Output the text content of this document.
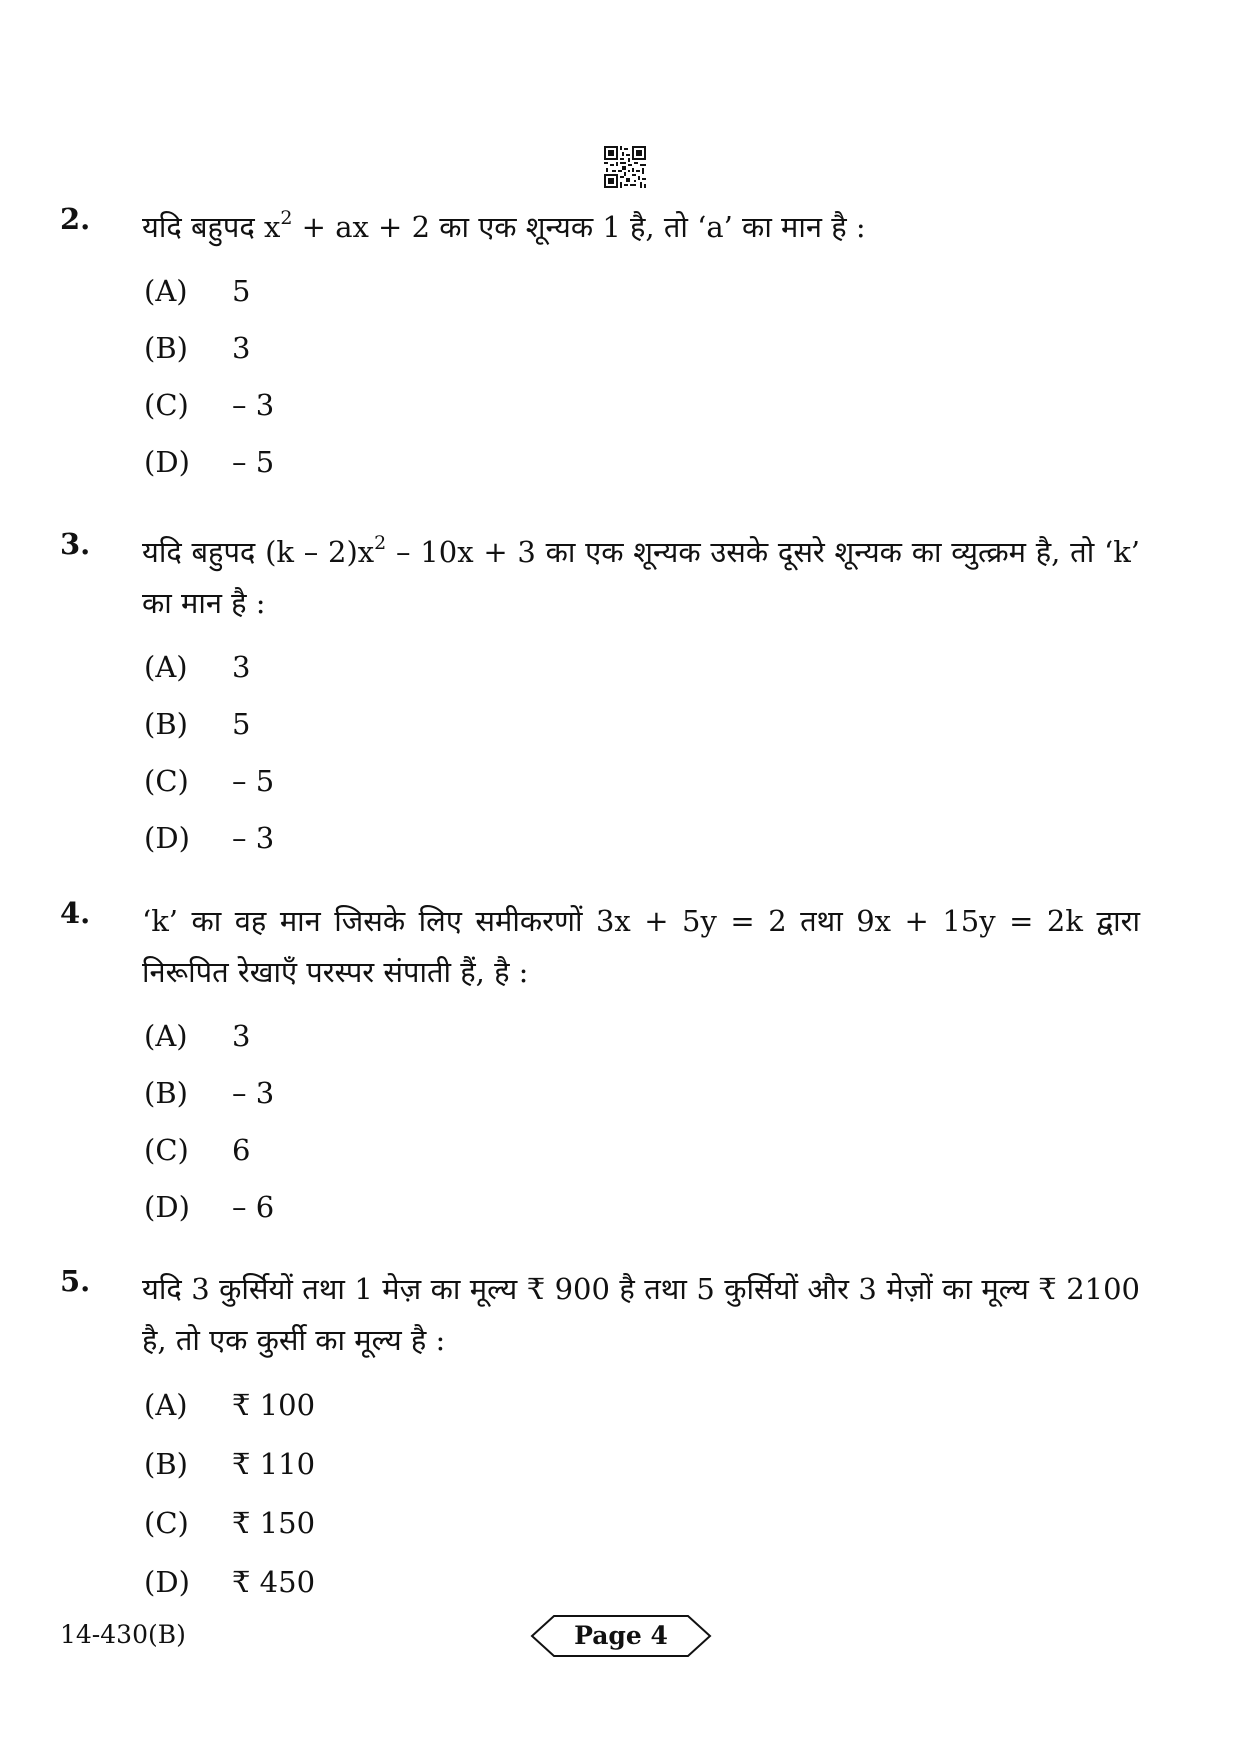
2. यदि बहुपद $x^2$ + ax + 2 का एक शून्यक 1 है, तो ‘a’ का मान है :
(A) 5
(B) 3
(C) – 3
(D) – 5
3. यदि बहुपद $(k - 2)x^2 - 10x + 3$ का एक शून्यक उसके दूसरे शून्यक का व्युत्क्रम है, तो ‘k’ का मान है :
(A) 3
(B) 5
(C) – 5
(D) – 3
4. ‘k’ का वह मान जिसके लिए समीकरणों 3x + 5y = 2 तथा 9x + 15y = 2k द्वारा निरूपित रेखाएँ परस्पर संपाती हैं, है :
(A) 3
(B) – 3
(C) 6
(D) – 6
5. यदि 3 कुर्सियों तथा 1 मेज़ का मूल्य ₹ 900 है तथा 5 कुर्सियों और 3 मेज़ों का मूल्य ₹ 2100 है, तो एक कुर्सी का मूल्य है :
(A) ₹ 100
(B) ₹ 110
(C) ₹ 150
(D) ₹ 450
14-430(B)	Page 4
